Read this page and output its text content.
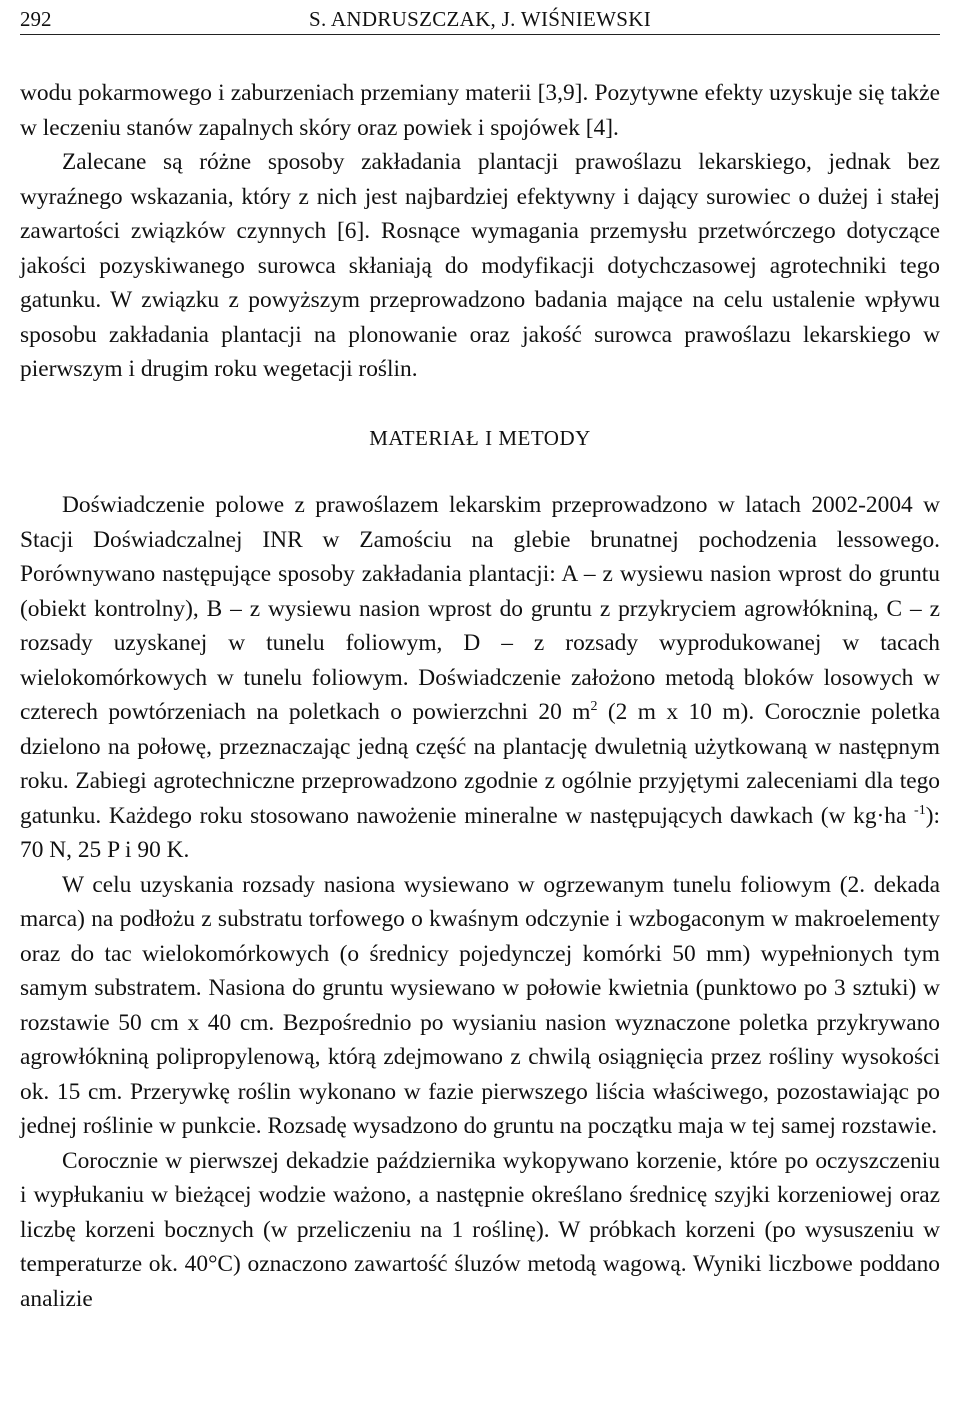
292	S. ANDRUSZCZAK, J. WIŚNIEWSKI

wodu pokarmowego i zaburzeniach przemiany materii [3,9]. Pozytywne efekty uzyskuje się także w leczeniu stanów zapalnych skóry oraz powiek i spojówek [4].

Zalecane są różne sposoby zakładania plantacji prawoślazu lekarskiego, jednak bez wyraźnego wskazania, który z nich jest najbardziej efektywny i dający surowiec o dużej i stałej zawartości związków czynnych [6]. Rosnące wymagania przemysłu przetwórczego dotyczące jakości pozyskiwanego surowca skłaniają do modyfikacji dotychczasowej agrotechniki tego gatunku. W związku z powyższym przeprowadzono badania mające na celu ustalenie wpływu sposobu zakładania plantacji na plonowanie oraz jakość surowca prawoślazu lekarskiego w pierwszym i drugim roku wegetacji roślin.

MATERIAŁ I METODY

Doświadczenie polowe z prawoślazem lekarskim przeprowadzono w latach 2002-2004 w Stacji Doświadczalnej INR w Zamościu na glebie brunatnej pochodzenia lessowego. Porównywano następujące sposoby zakładania plantacji: A – z wysiewu nasion wprost do gruntu (obiekt kontrolny), B – z wysiewu nasion wprost do gruntu z przykryciem agrowłókniną, C – z rozsady uzyskanej w tunelu foliowym, D – z rozsady wyprodukowanej w tacach wielokomórkowych w tunelu foliowym. Doświadczenie założono metodą bloków losowych w czterech powtórzeniach na poletkach o powierzchni 20 $m^2$ (2 m x 10 m). Corocznie poletka dzielono na połowę, przeznaczając jedną część na plantację dwuletnią użytkowaną w następnym roku. Zabiegi agrotechniczne przeprowadzono zgodnie z ogólnie przyjętymi zaleceniami dla tego gatunku. Każdego roku stosowano nawożenie mineralne w następujących dawkach (w kg·ha $^{-1}$): 70 N, 25 P i 90 K.

W celu uzyskania rozsady nasiona wysiewano w ogrzewanym tunelu foliowym (2. dekada marca) na podłożu z substratu torfowego o kwaśnym odczynie i wzbogaconym w makroelementy oraz do tac wielokomórkowych (o średnicy pojedynczej komórki 50 mm) wypełnionych tym samym substratem. Nasiona do gruntu wysiewano w połowie kwietnia (punktowo po 3 sztuki) w rozstawie 50 cm x 40 cm. Bezpośrednio po wysianiu nasion wyznaczone poletka przykrywano agrowłókniną polipropylenową, którą zdejmowano z chwilą osiągnięcia przez rośliny wysokości ok. 15 cm. Przerywkę roślin wykonano w fazie pierwszego liścia właściwego, pozostawiając po jednej roślinie w punkcie. Rozsadę wysadzono do gruntu na początku maja w tej samej rozstawie.

Corocznie w pierwszej dekadzie października wykopywano korzenie, które po oczyszczeniu i wypłukaniu w bieżącej wodzie ważono, a następnie określano średnicę szyjki korzeniowej oraz liczbę korzeni bocznych (w przeliczeniu na 1 roślinę). W próbkach korzeni (po wysuszeniu w temperaturze ok. 40°C) oznaczono zawartość śluzów metodą wagową. Wyniki liczbowe poddano analizie
